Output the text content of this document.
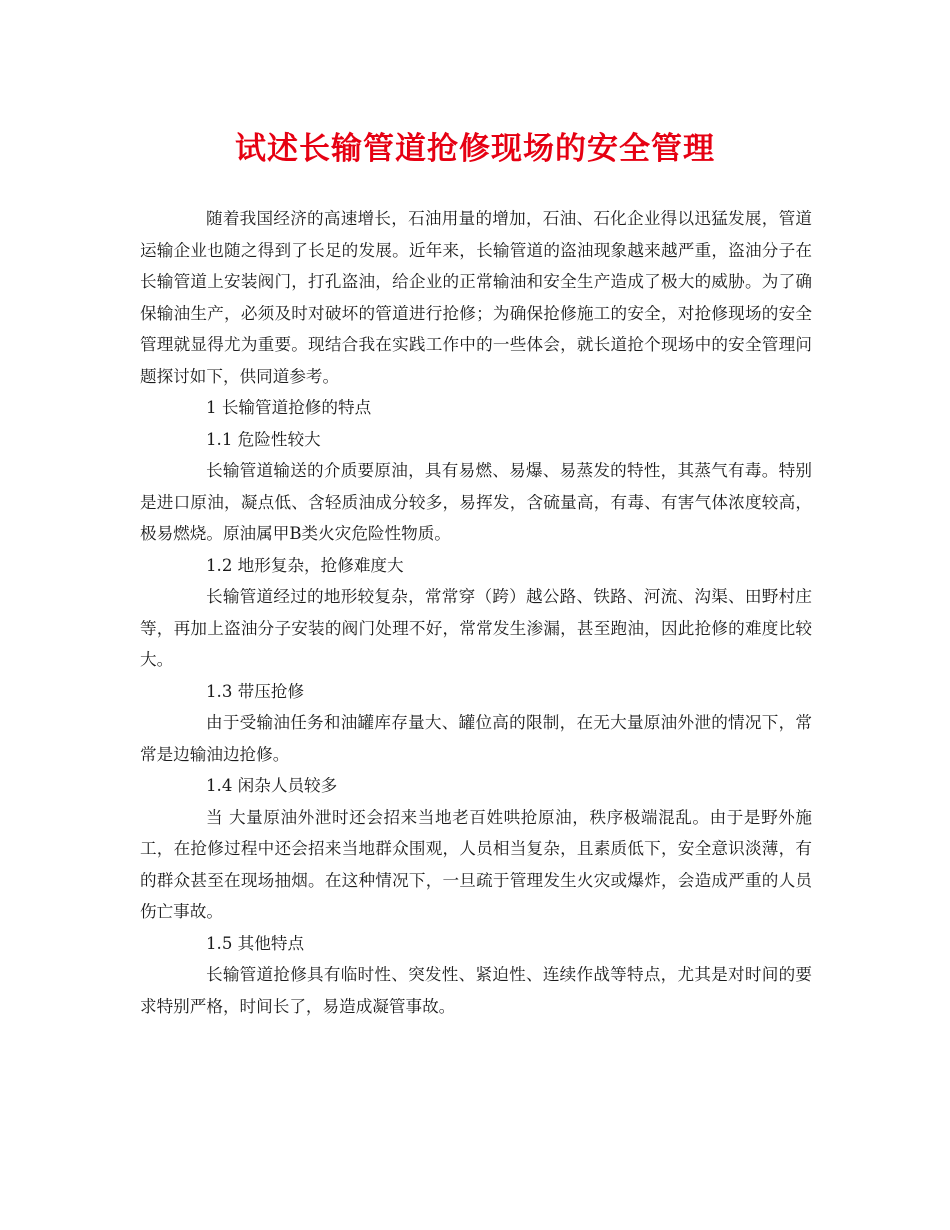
试述长输管道抢修现场的安全管理

随着我国经济的高速增长，石油用量的增加，石油、石化企业得以迅猛发展，管道运输企业也随之得到了长足的发展。近年来，长输管道的盗油现象越来越严重，盗油分子在长输管道上安装阀门，打孔盗油，给企业的正常输油和安全生产造成了极大的威胁。为了确保输油生产，必须及时对破坏的管道进行抢修；为确保抢修施工的安全，对抢修现场的安全管理就显得尤为重要。现结合我在实践工作中的一些体会，就长道抢个现场中的安全管理问题探讨如下，供同道参考。

1 长输管道抢修的特点

1.1 危险性较大

长输管道输送的介质要原油，具有易燃、易爆、易蒸发的特性，其蒸气有毒。特别是进口原油，凝点低、含轻质油成分较多，易挥发，含硫量高，有毒、有害气体浓度较高，极易燃烧。原油属甲B类火灾危险性物质。

1.2 地形复杂，抢修难度大

长输管道经过的地形较复杂，常常穿（跨）越公路、铁路、河流、沟渠、田野村庄等，再加上盗油分子安装的阀门处理不好，常常发生渗漏，甚至跑油，因此抢修的难度比较大。

1.3 带压抢修

由于受输油任务和油罐库存量大、罐位高的限制，在无大量原油外泄的情况下，常常是边输油边抢修。

1.4 闲杂人员较多

当 大量原油外泄时还会招来当地老百姓哄抢原油，秩序极端混乱。由于是野外施工，在抢修过程中还会招来当地群众围观，人员相当复杂，且素质低下，安全意识淡薄，有的群众甚至在现场抽烟。在这种情况下，一旦疏于管理发生火灾或爆炸，会造成严重的人员伤亡事故。

1.5 其他特点

长输管道抢修具有临时性、突发性、紧迫性、连续作战等特点，尤其是对时间的要求特别严格，时间长了，易造成凝管事故。
